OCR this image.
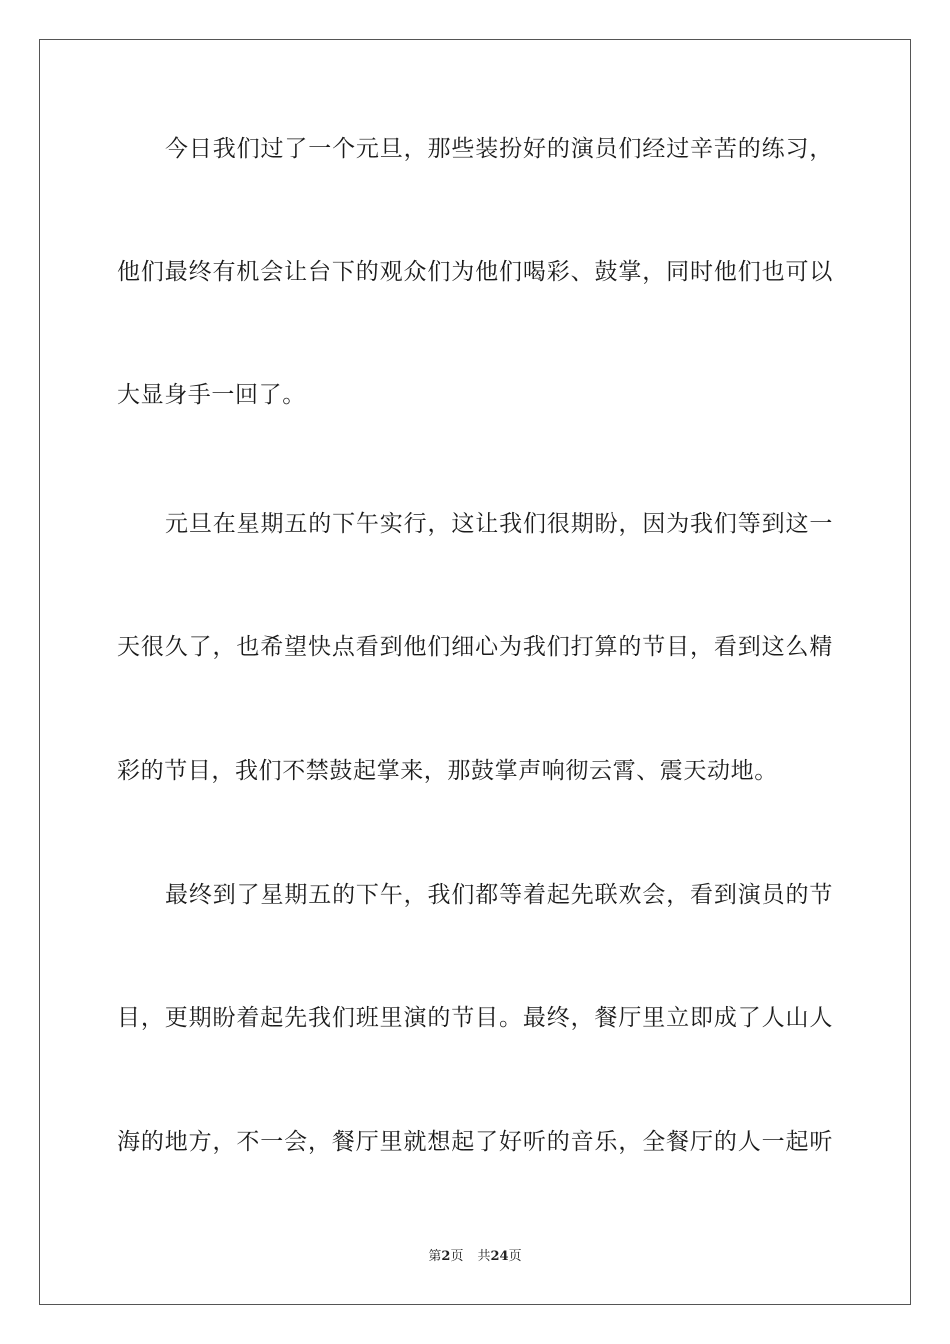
今日我们过了一个元旦，那些装扮好的演员们经过辛苦的练习，
他们最终有机会让台下的观众们为他们喝彩、鼓掌，同时他们也可以
大显身手一回了。
元旦在星期五的下午实行，这让我们很期盼，因为我们等到这一
天很久了，也希望快点看到他们细心为我们打算的节目，看到这么精
彩的节目，我们不禁鼓起掌来，那鼓掌声响彻云霄、震天动地。
最终到了星期五的下午，我们都等着起先联欢会，看到演员的节
目，更期盼着起先我们班里演的节目。最终，餐厅里立即成了人山人
海的地方，不一会，餐厅里就想起了好听的音乐，全餐厅的人一起听
第2页 共24页
